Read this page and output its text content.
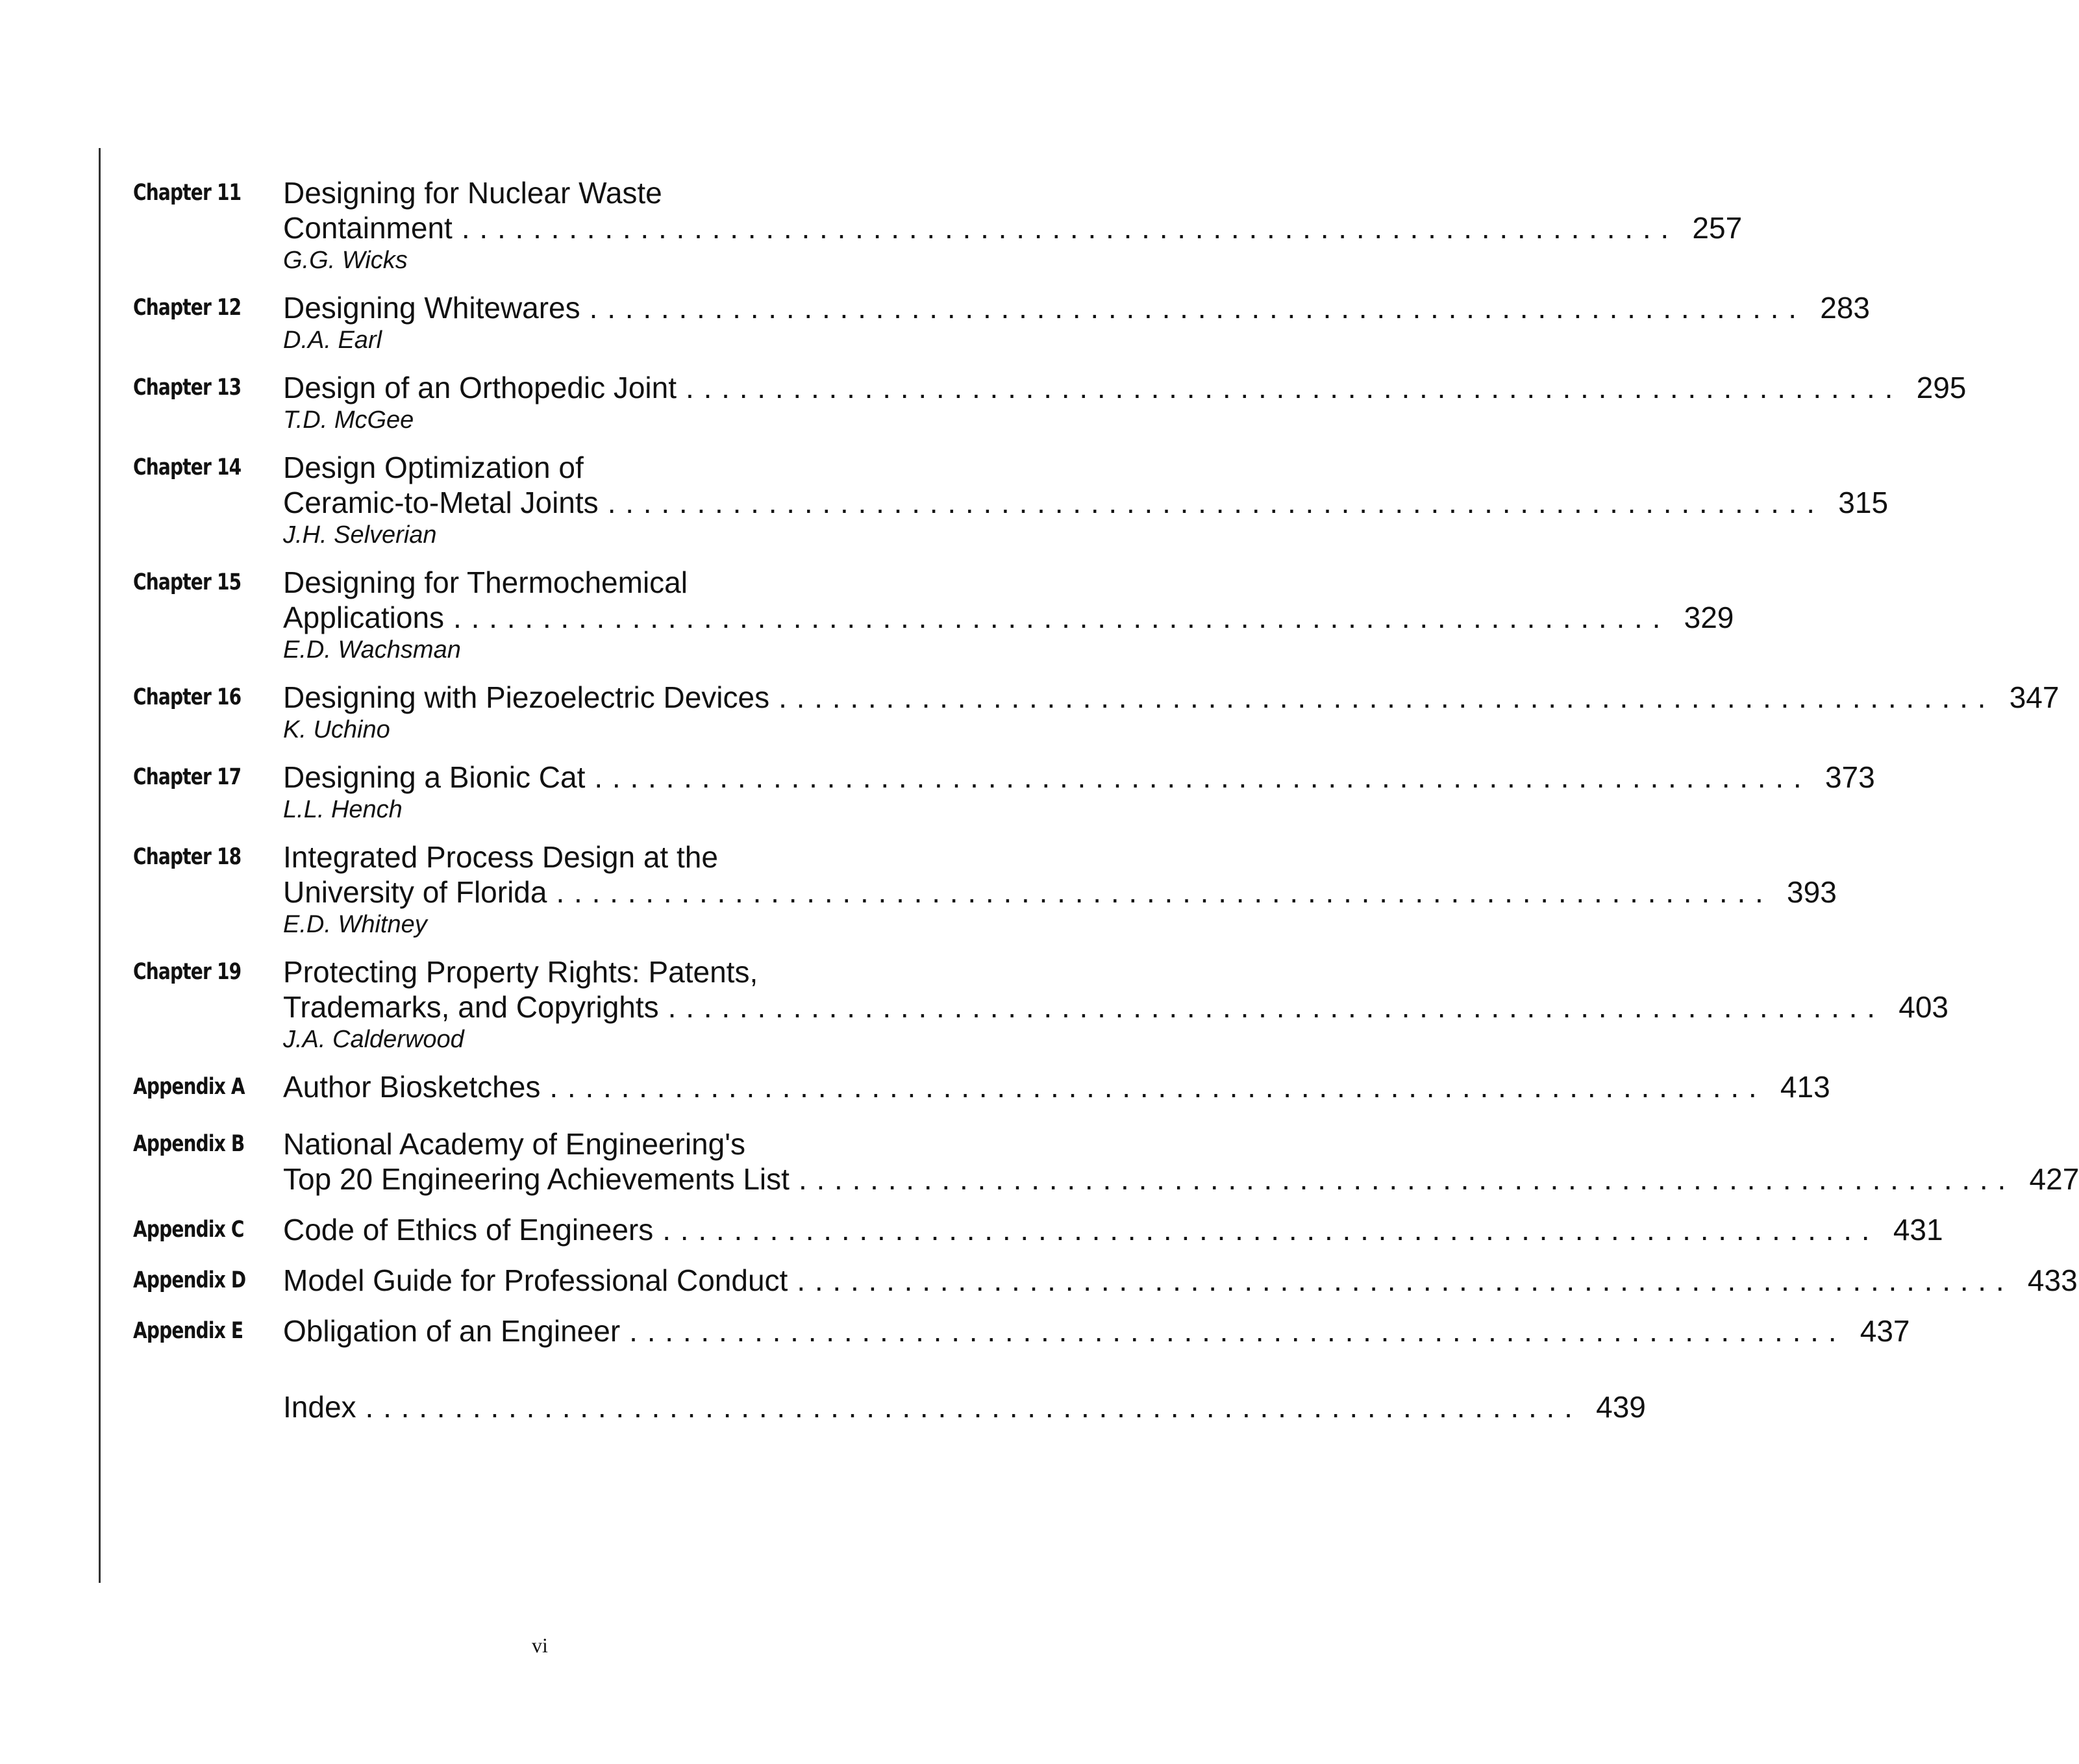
Chapter 11	Designing for Nuclear Waste
Containment . . .	257
G.G. Wicks
Chapter 12	Designing Whitewares . . .	283
D.A. Earl
Chapter 13	Design of an Orthopedic Joint . . .	295
T.D. McGee
Chapter 14	Design Optimization of
Ceramic-to-Metal Joints . . .	315
J.H. Selverian
Chapter 15	Designing for Thermochemical
Applications . . .	329
E.D. Wachsman
Chapter 16	Designing with Piezoelectric Devices . . .	347
K. Uchino
Chapter 17	Designing a Bionic Cat . . .	373
L.L. Hench
Chapter 18	Integrated Process Design at the
University of Florida . . .	393
E.D. Whitney
Chapter 19	Protecting Property Rights: Patents,
Trademarks, and Copyrights . . .	403
J.A. Calderwood
Appendix A Author Biosketches . . .	413
Appendix B National Academy of Engineering's
Top 20 Engineering Achievements List . . .	427
Appendix C	Code of Ethics of Engineers . . .	431
Appendix D Model Guide for Professional Conduct . . .	433
Appendix E	Obligation of an Engineer . . .	437
Index . . .	439
vi
